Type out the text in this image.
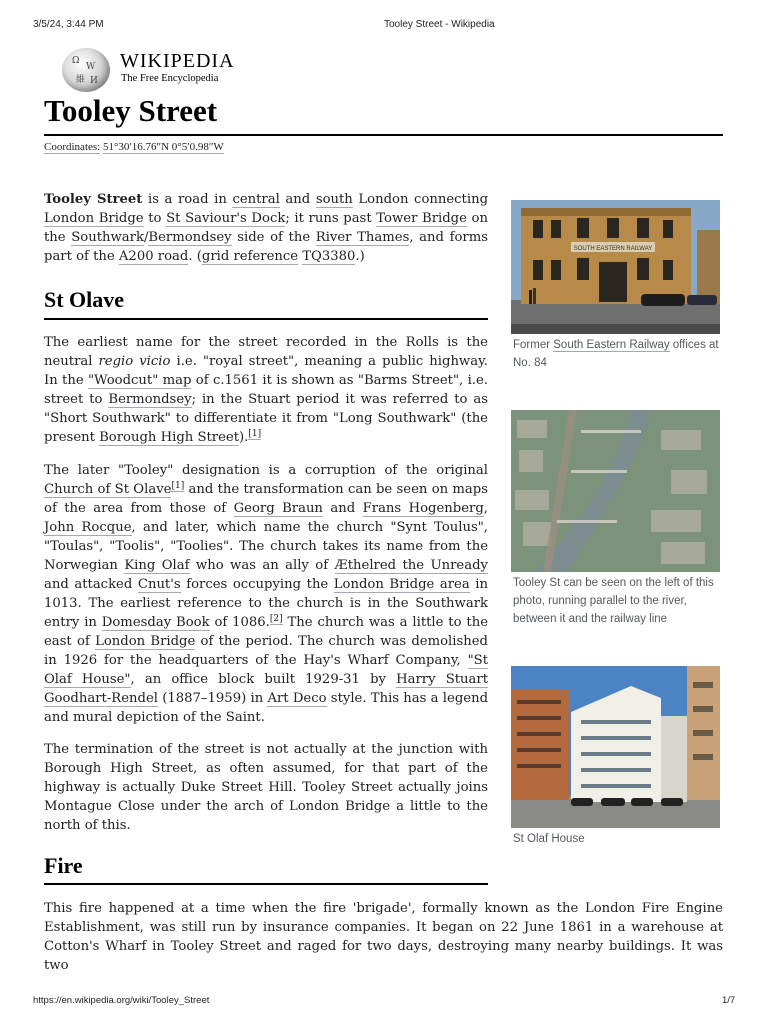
3/5/24, 3:44 PM	Tooley Street - Wikipedia
Ω
W
維 И
WIKIPEDIA
The Free Encyclopedia
Tooley Street
Coordinates: 51°30′16.76″N 0°5′0.98″W
Tooley Street is a road in central and south London connecting London Bridge to St Saviour's Dock; it runs past Tower Bridge on the Southwark/Bermondsey side of the River Thames, and forms part of the A200 road. (grid reference TQ3380.)
St Olave
The earliest name for the street recorded in the Rolls is the neutral regio vicio i.e. "royal street", meaning a public highway. In the "Woodcut" map of c.1561 it is shown as "Barms Street", i.e. street to Bermondsey; in the Stuart period it was referred to as "Short Southwark" to differentiate it from "Long Southwark" (the present Borough High Street).[1]
The later "Tooley" designation is a corruption of the original Church of St Olave[1] and the transformation can be seen on maps of the area from those of Georg Braun and Frans Hogenberg, John Rocque, and later, which name the church "Synt Toulus", "Toulas", "Toolis", "Toolies". The church takes its name from the Norwegian King Olaf who was an ally of Æthelred the Unready and attacked Cnut's forces occupying the London Bridge area in 1013. The earliest reference to the church is in the Southwark entry in Domesday Book of 1086.[2] The church was a little to the east of London Bridge of the period. The church was demolished in 1926 for the headquarters of the Hay's Wharf Company, "St Olaf House", an office block built 1929-31 by Harry Stuart Goodhart-Rendel (1887–1959) in Art Deco style. This has a legend and mural depiction of the Saint.
The termination of the street is not actually at the junction with Borough High Street, as often assumed, for that part of the highway is actually Duke Street Hill. Tooley Street actually joins Montague Close under the arch of London Bridge a little to the north of this.
Fire
This fire happened at a time when the fire 'brigade', formally known as the London Fire Engine Establishment, was still run by insurance companies. It began on 22 June 1861 in a warehouse at Cotton's Wharf in Tooley Street and raged for two days, destroying many nearby buildings. It was two
SOUTH EASTERN RAILWAY
Former South Eastern Railway offices at No. 84
Tooley St can be seen on the left of this photo, running parallel to the river, between it and the railway line
St Olaf House
https://en.wikipedia.org/wiki/Tooley_Street	1/7
